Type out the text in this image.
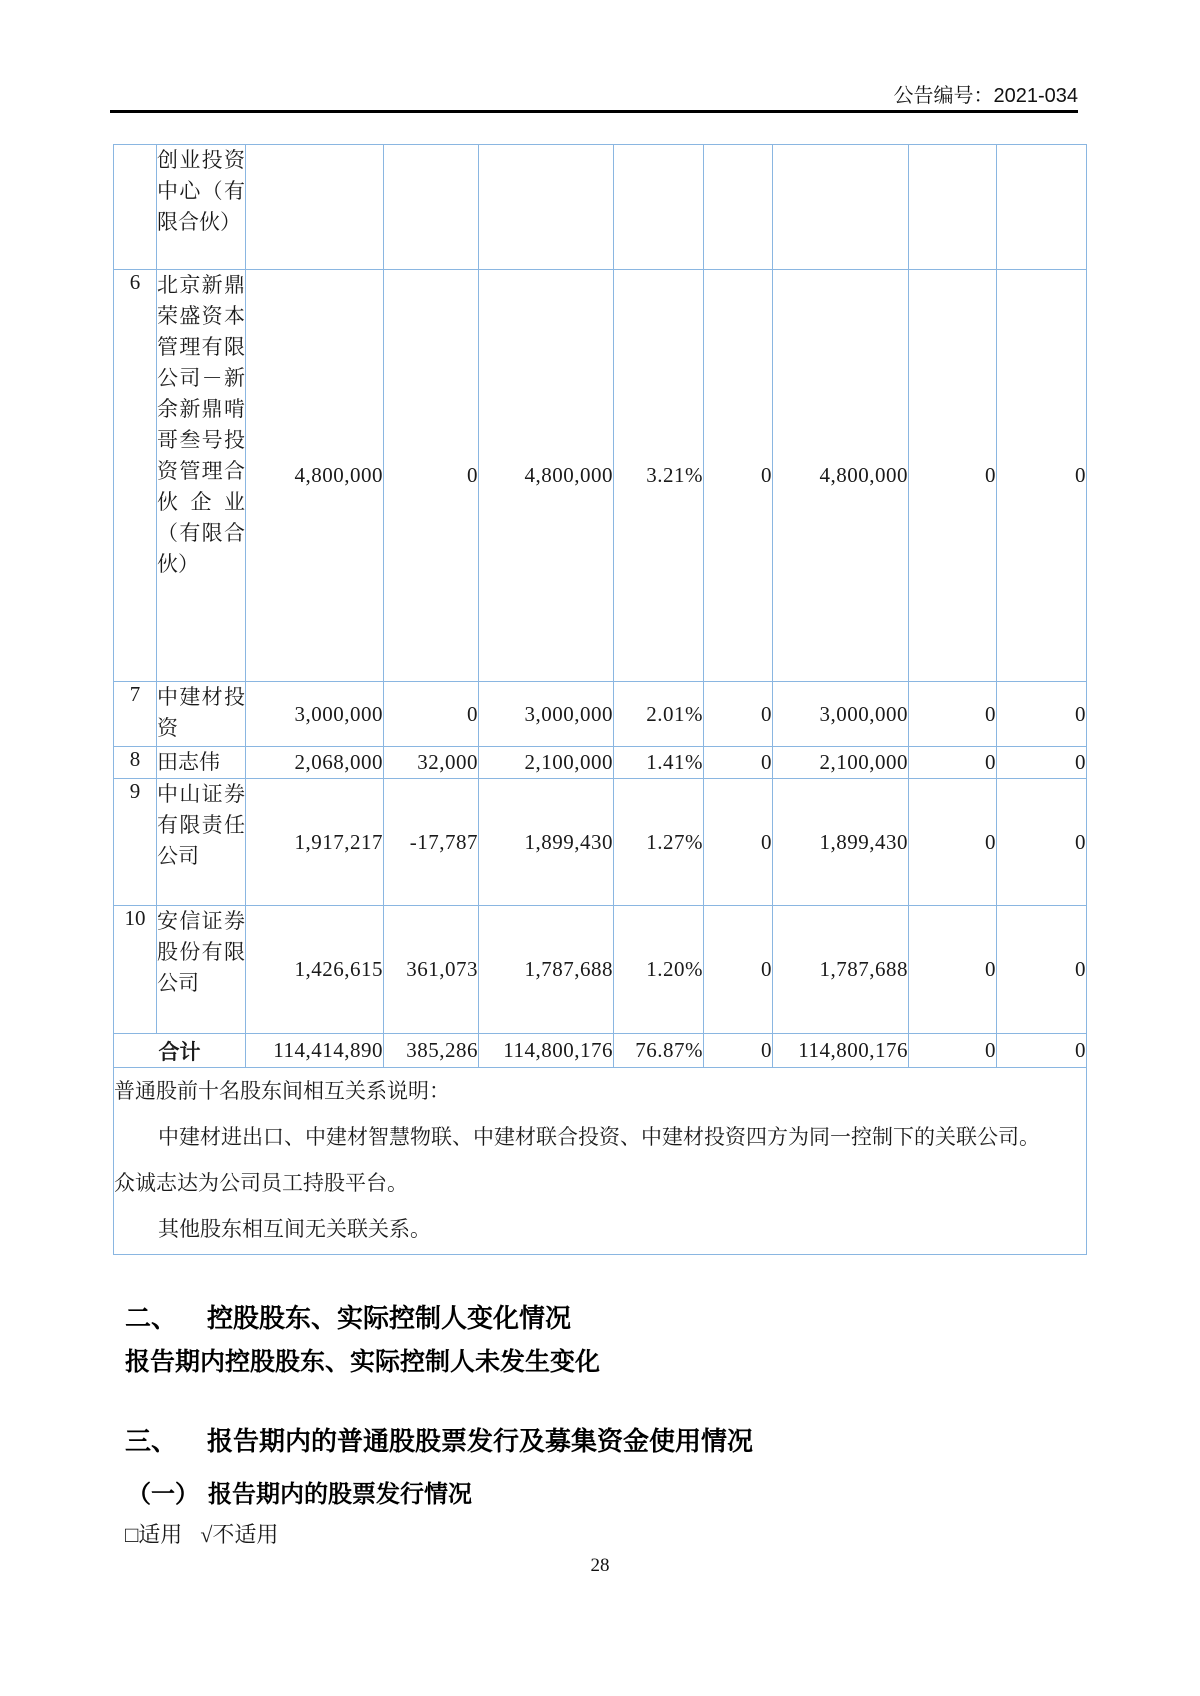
公告编号：2021-034
	创业投资中心（有限合伙）								
6	北京新鼎荣盛资本管理有限公司－新余新鼎啃哥叁号投资管理合伙企业（有限合伙）	4,800,000	0	4,800,000	3.21%	0	4,800,000	0	0
7	中建材投资	3,000,000	0	3,000,000	2.01%	0	3,000,000	0	0
8	田志伟	2,068,000	32,000	2,100,000	1.41%	0	2,100,000	0	0
9	中山证券有限责任公司	1,917,217	-17,787	1,899,430	1.27%	0	1,899,430	0	0
10	安信证券股份有限公司	1,426,615	361,073	1,787,688	1.20%	0	1,787,688	0	0
合计		114,414,890	385,286	114,800,176	76.87%	0	114,800,176	0	0

普通股前十名股东间相互关系说明：
中建材进出口、中建材智慧物联、中建材联合投资、中建材投资四方为同一控制下的关联公司。
众诚志达为公司员工持股平台。
其他股东相互间无关联关系。									
二、 控股股东、实际控制人变化情况
报告期内控股股东、实际控制人未发生变化
三、 报告期内的普通股股票发行及募集资金使用情况
（一） 报告期内的股票发行情况
□适用 √不适用
28
